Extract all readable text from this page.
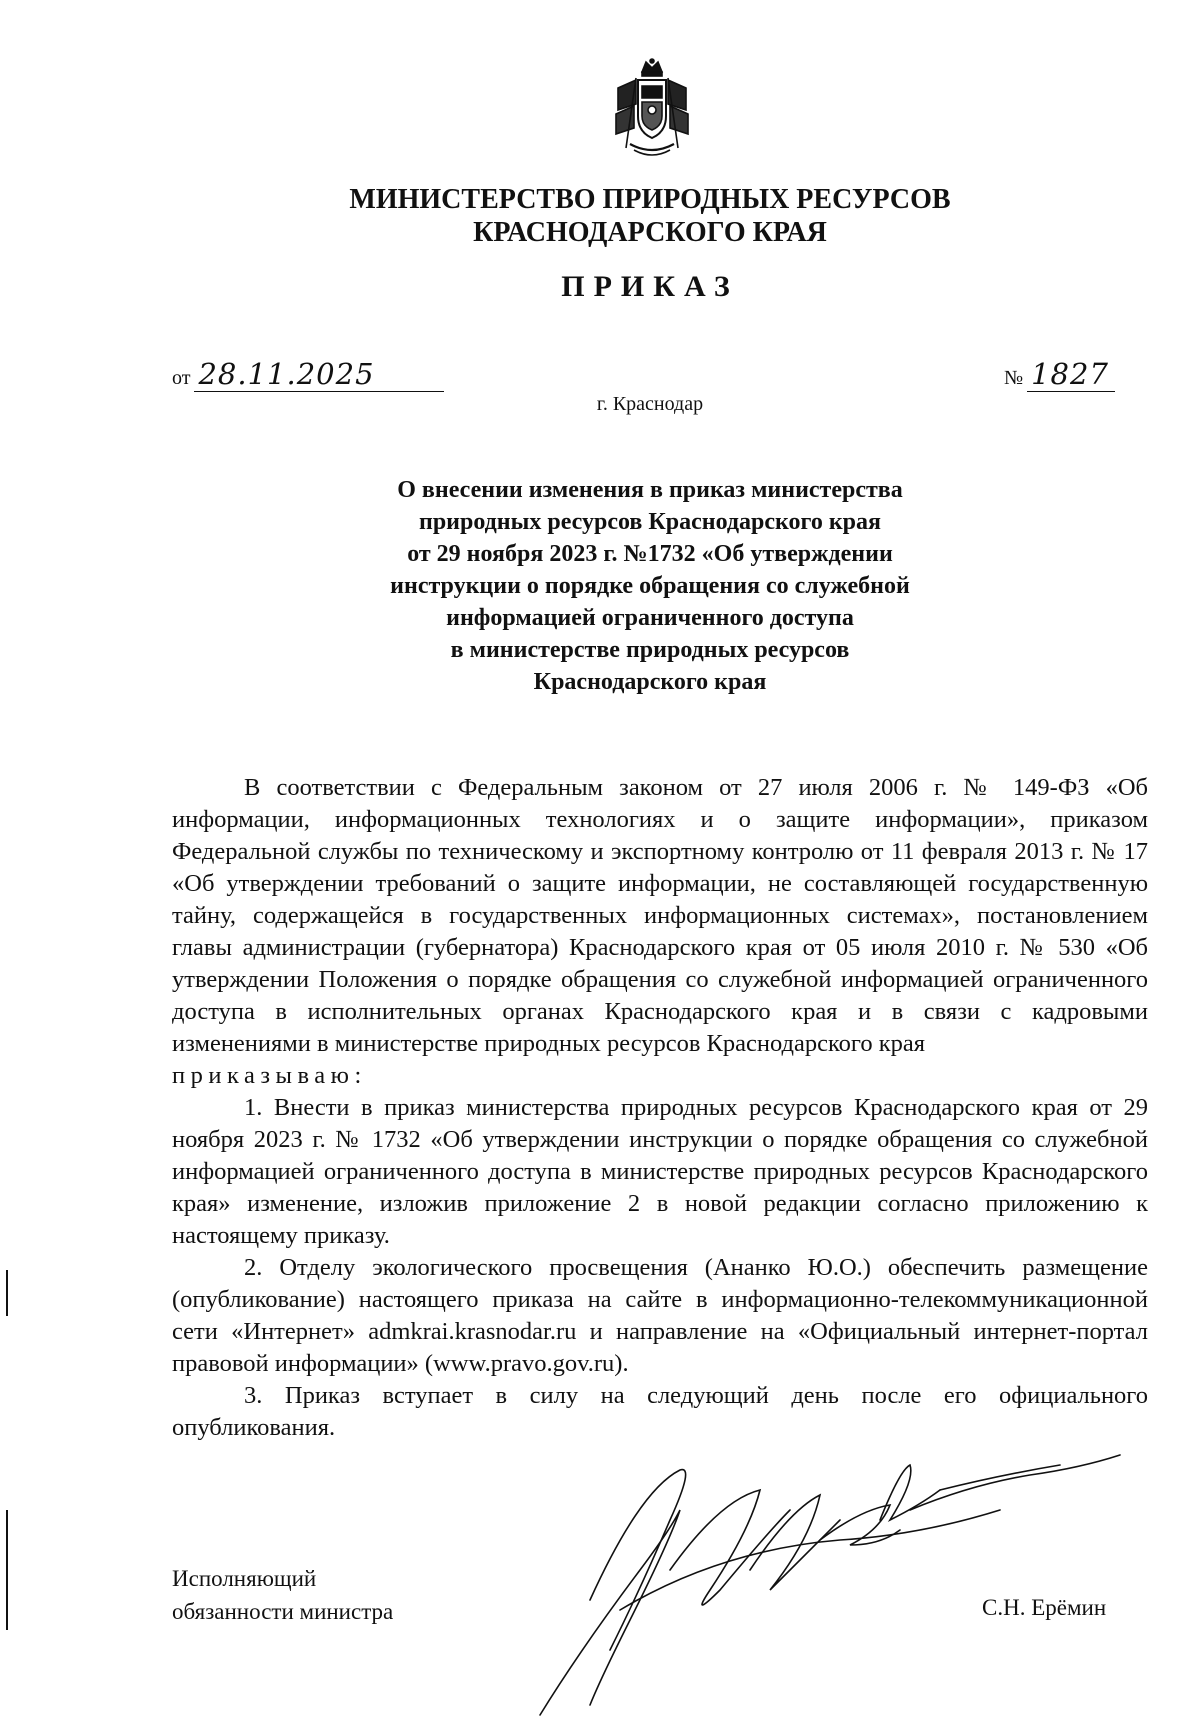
МИНИСТЕРСТВО ПРИРОДНЫХ РЕСУРСОВ
КРАСНОДАРСКОГО КРАЯ
ПРИКАЗ
от 28.11.2025	№ 1827
г. Краснодар
О внесении изменения в приказ министерства
природных ресурсов Краснодарского края
от 29 ноября 2023 г. №1732 «Об утверждении
инструкции о порядке обращения со служебной
информацией ограниченного доступа
в министерстве природных ресурсов
Краснодарского края

В соответствии с Федеральным законом от 27 июля 2006 г. № 149-ФЗ «Об информации, информационных технологиях и о защите информации», приказом Федеральной службы по техническому и экспортному контролю от 11 февраля 2013 г. № 17 «Об утверждении требований о защите информации, не составляющей государственную тайну, содержащейся в государственных информационных системах», постановлением главы администрации (губернатора) Краснодарского края от 05 июля 2010 г. № 530 «Об утверждении Положения о порядке обращения со служебной информацией ограниченного доступа в исполнительных органах Краснодарского края и в связи с кадровыми изменениями в министерстве природных ресурсов Краснодарского края

приказываю:

1. Внести в приказ министерства природных ресурсов Краснодарского края от 29 ноября 2023 г. № 1732 «Об утверждении инструкции о порядке обращения со служебной информацией ограниченного доступа в министерстве природных ресурсов Краснодарского края» изменение, изложив приложение 2 в новой редакции согласно приложению к настоящему приказу.

2. Отделу экологического просвещения (Ананко Ю.О.) обеспечить размещение (опубликование) настоящего приказа на сайте в информационно-телекоммуникационной сети «Интернет» admkrai.krasnodar.ru и направление на «Официальный интернет-портал правовой информации» (www.pravo.gov.ru).

3. Приказ вступает в силу на следующий день после его официального опубликования.

Исполняющий
обязанности министра	С.Н. Ерёмин
